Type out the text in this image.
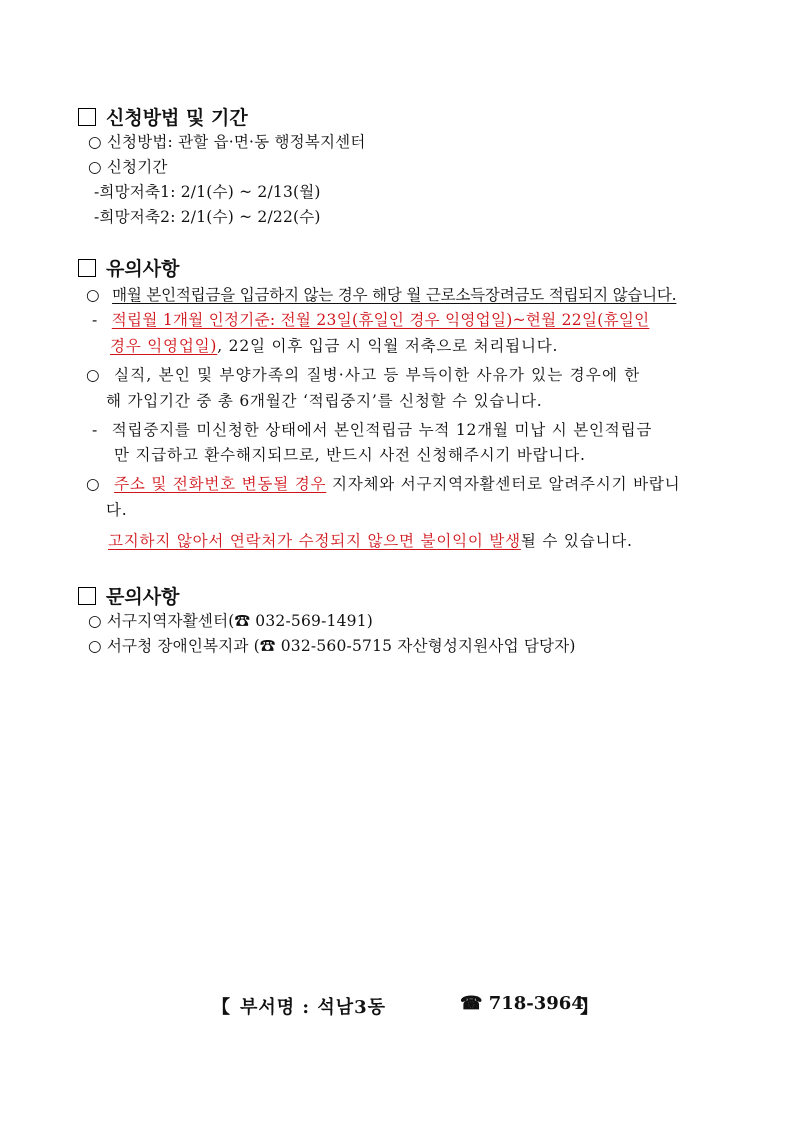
신청방법 및 기간
○ 신청방법: 관할 읍·면·동 행정복지센터
○ 신청기간
-희망저축1: 2/1(수) ~ 2/13(월)
-희망저축2: 2/1(수) ~ 2/22(수)
유의사항
○ 매월 본인적립금을 입금하지 않는 경우 해당 월 근로소득장려금도 적립되지 않습니다.
- 적립월 1개월 인정기준: 전월 23일(휴일인 경우 익영업일)~현월 22일(휴일인
경우 익영업일), 22일 이후 입금 시 익월 저축으로 처리됩니다.
○ 실직, 본인 및 부양가족의 질병·사고 등 부득이한 사유가 있는 경우에 한
해 가입기간 중 총 6개월간 ‘적립중지’를 신청할 수 있습니다.
- 적립중지를 미신청한 상태에서 본인적립금 누적 12개월 미납 시 본인적립금
만 지급하고 환수해지되므로, 반드시 사전 신청해주시기 바랍니다.
○ 주소 및 전화번호 변동될 경우 지자체와 서구지역자활센터로 알려주시기 바랍니
다.
고지하지 않아서 연락처가 수정되지 않으면 불이익이 발생될 수 있습니다.
문의사항
○ 서구지역자활센터(☎ 032-569-1491)
○ 서구청 장애인복지과 (☎ 032-560-5715 자산형성지원사업 담당자)
【 부서명 : 석남3동	☎ 718-3964
】
